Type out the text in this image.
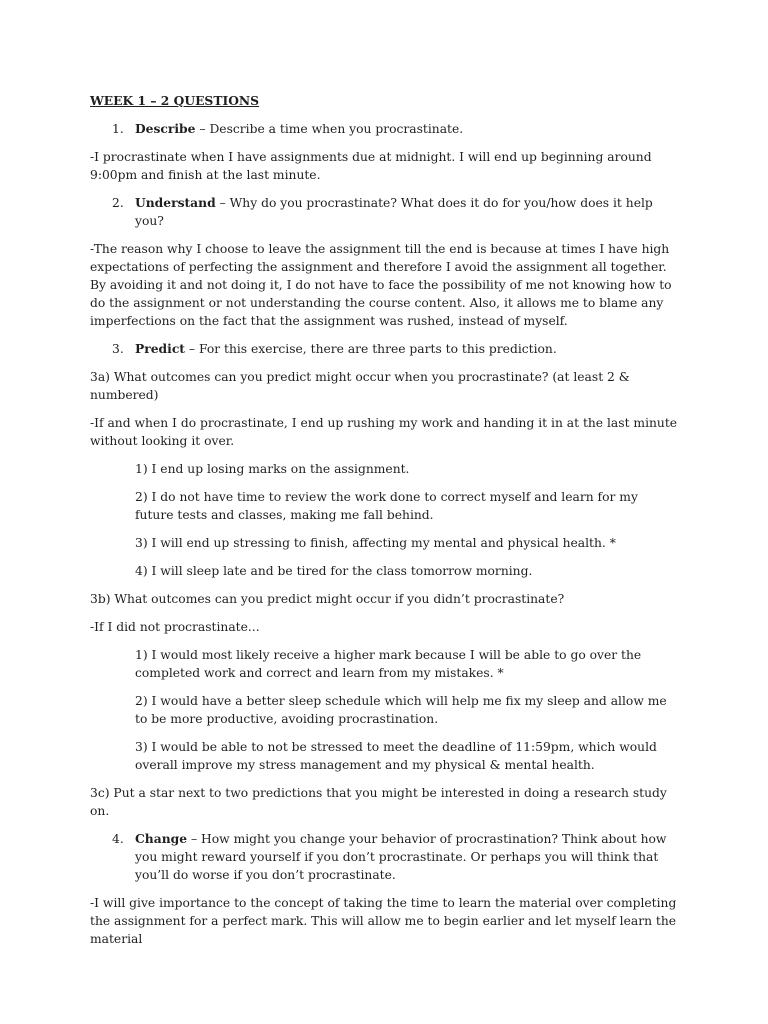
WEEK 1 – 2 QUESTIONS

1. Describe – Describe a time when you procrastinate.

-I procrastinate when I have assignments due at midnight. I will end up beginning around 9:00pm and finish at the last minute.

2. Understand – Why do you procrastinate? What does it do for you/how does it help you?

-The reason why I choose to leave the assignment till the end is because at times I have high expectations of perfecting the assignment and therefore I avoid the assignment all together. By avoiding it and not doing it, I do not have to face the possibility of me not knowing how to do the assignment or not understanding the course content. Also, it allows me to blame any imperfections on the fact that the assignment was rushed, instead of myself.

3. Predict – For this exercise, there are three parts to this prediction.

3a) What outcomes can you predict might occur when you procrastinate? (at least 2 & numbered)

-If and when I do procrastinate, I end up rushing my work and handing it in at the last minute without looking it over.

1) I end up losing marks on the assignment.

2) I do not have time to review the work done to correct myself and learn for my future tests and classes, making me fall behind.

3) I will end up stressing to finish, affecting my mental and physical health. *

4) I will sleep late and be tired for the class tomorrow morning.

3b) What outcomes can you predict might occur if you didn’t procrastinate?

-If I did not procrastinate...

1) I would most likely receive a higher mark because I will be able to go over the completed work and correct and learn from my mistakes. *

2) I would have a better sleep schedule which will help me fix my sleep and allow me to be more productive, avoiding procrastination.

3) I would be able to not be stressed to meet the deadline of 11:59pm, which would overall improve my stress management and my physical & mental health.

3c) Put a star next to two predictions that you might be interested in doing a research study on.

4. Change – How might you change your behavior of procrastination? Think about how you might reward yourself if you don’t procrastinate. Or perhaps you will think that you’ll do worse if you don’t procrastinate.

-I will give importance to the concept of taking the time to learn the material over completing the assignment for a perfect mark. This will allow me to begin earlier and let myself learn the material
